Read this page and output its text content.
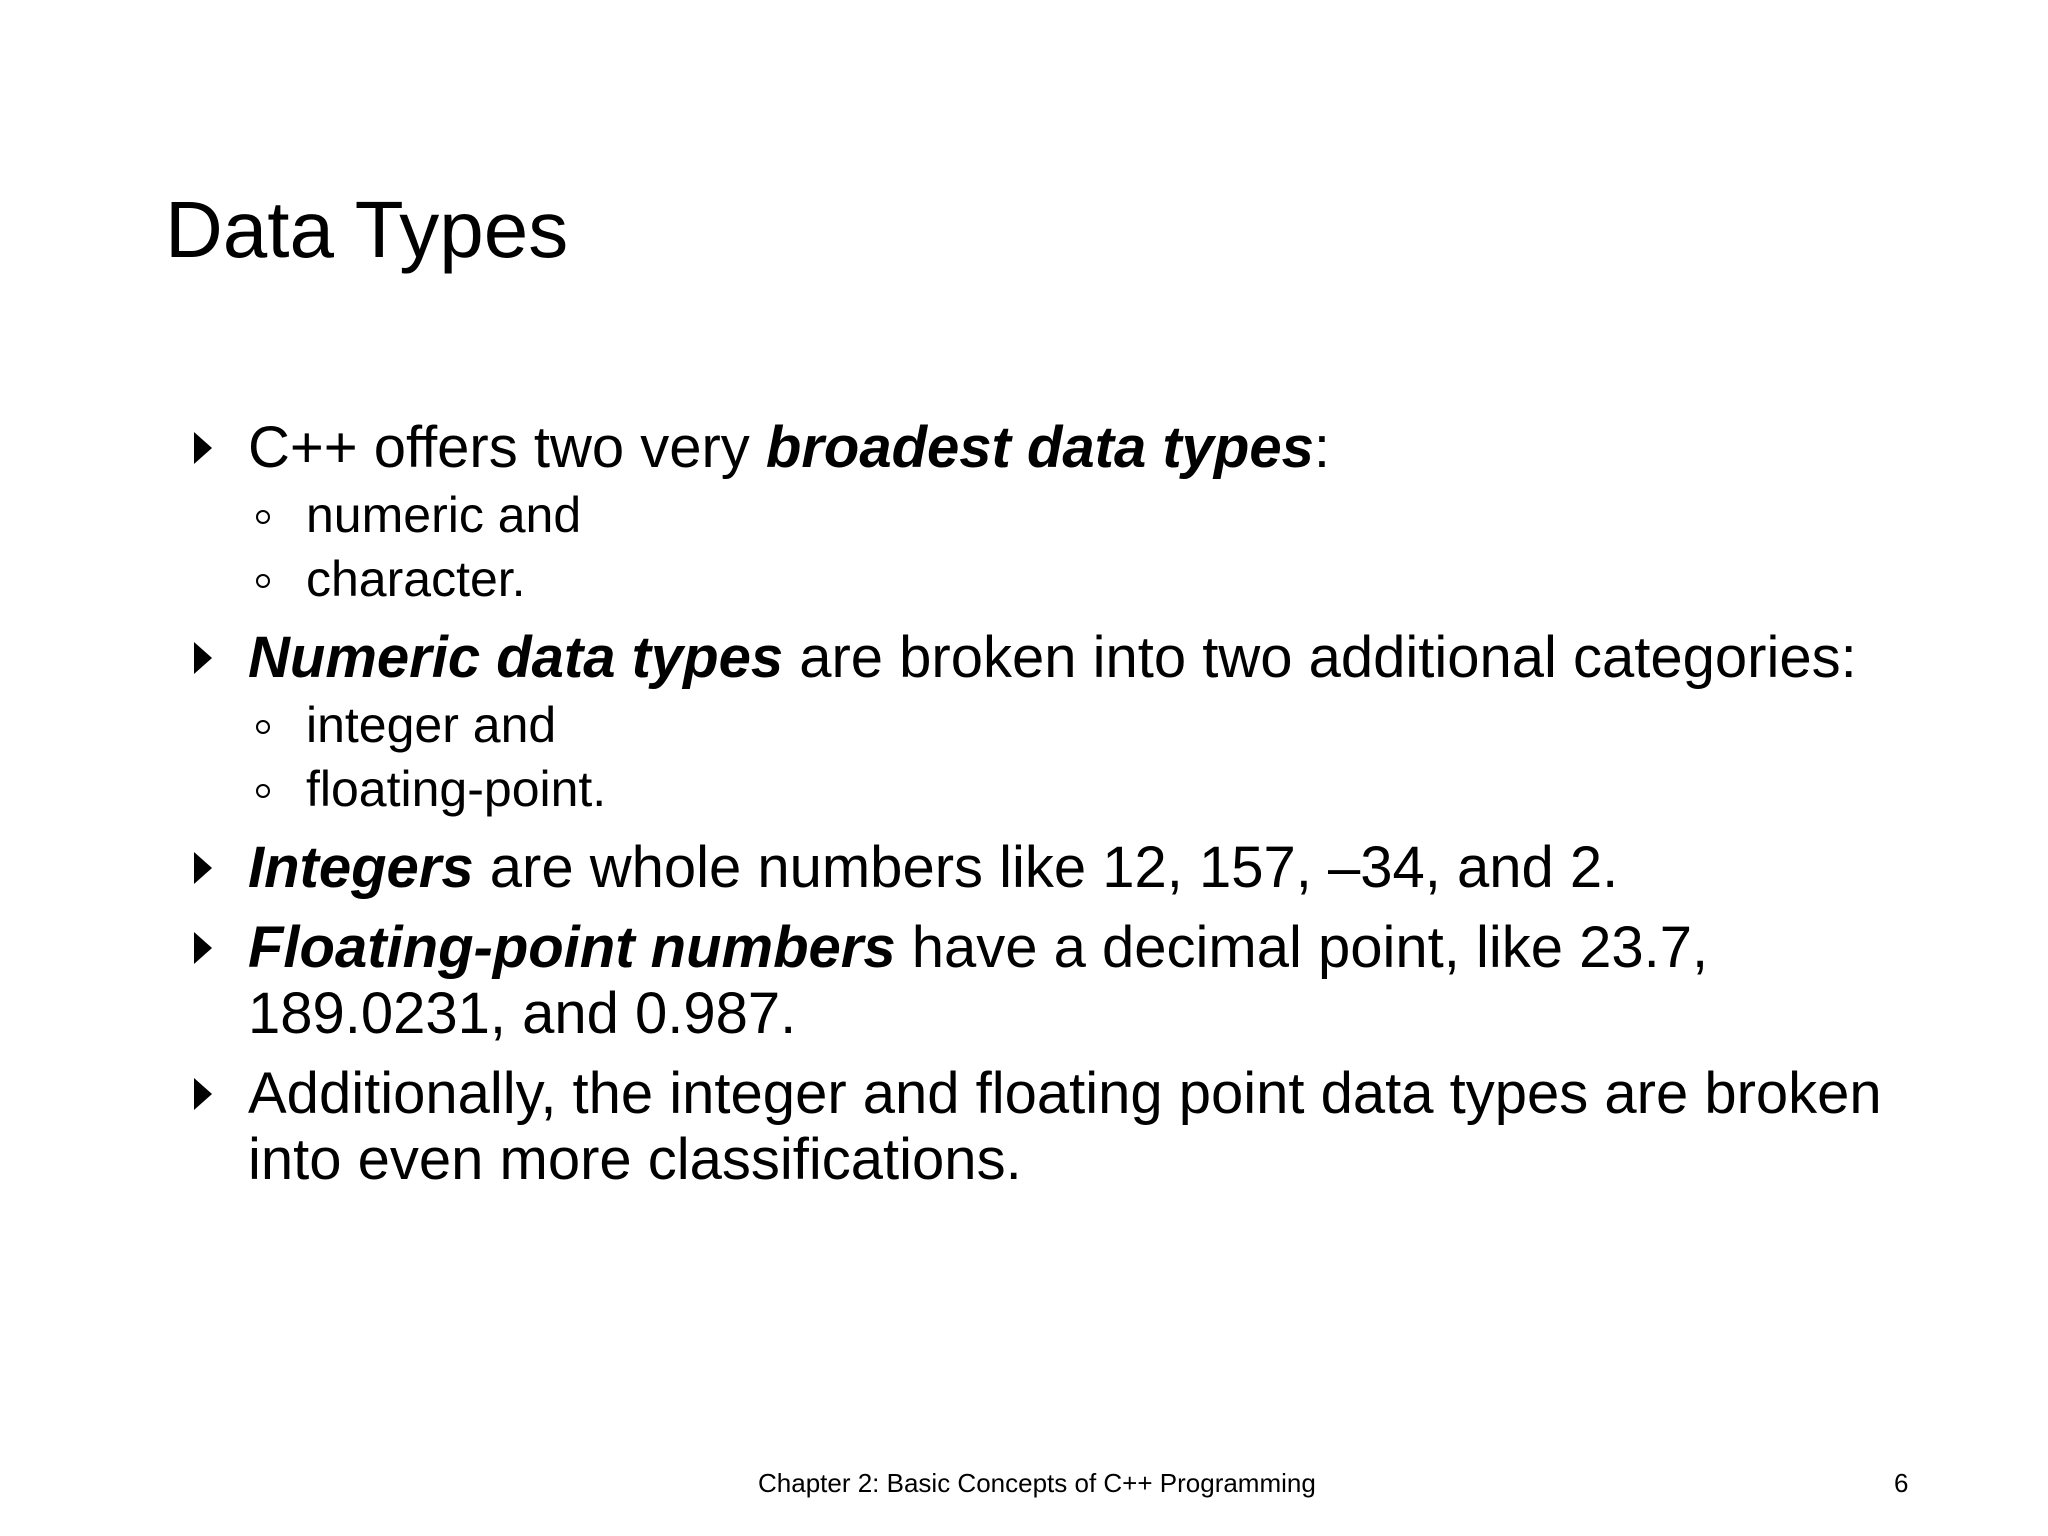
Data Types
C++ offers two very broadest data types:
numeric and
character.
Numeric data types are broken into two additional categories:
integer and
floating-point.
Integers are whole numbers like 12, 157, –34, and 2.
Floating-point numbers have a decimal point, like 23.7, 189.0231, and 0.987.
Additionally, the integer and floating point data types are broken into even more classifications.
Chapter 2: Basic Concepts of C++ Programming	6
